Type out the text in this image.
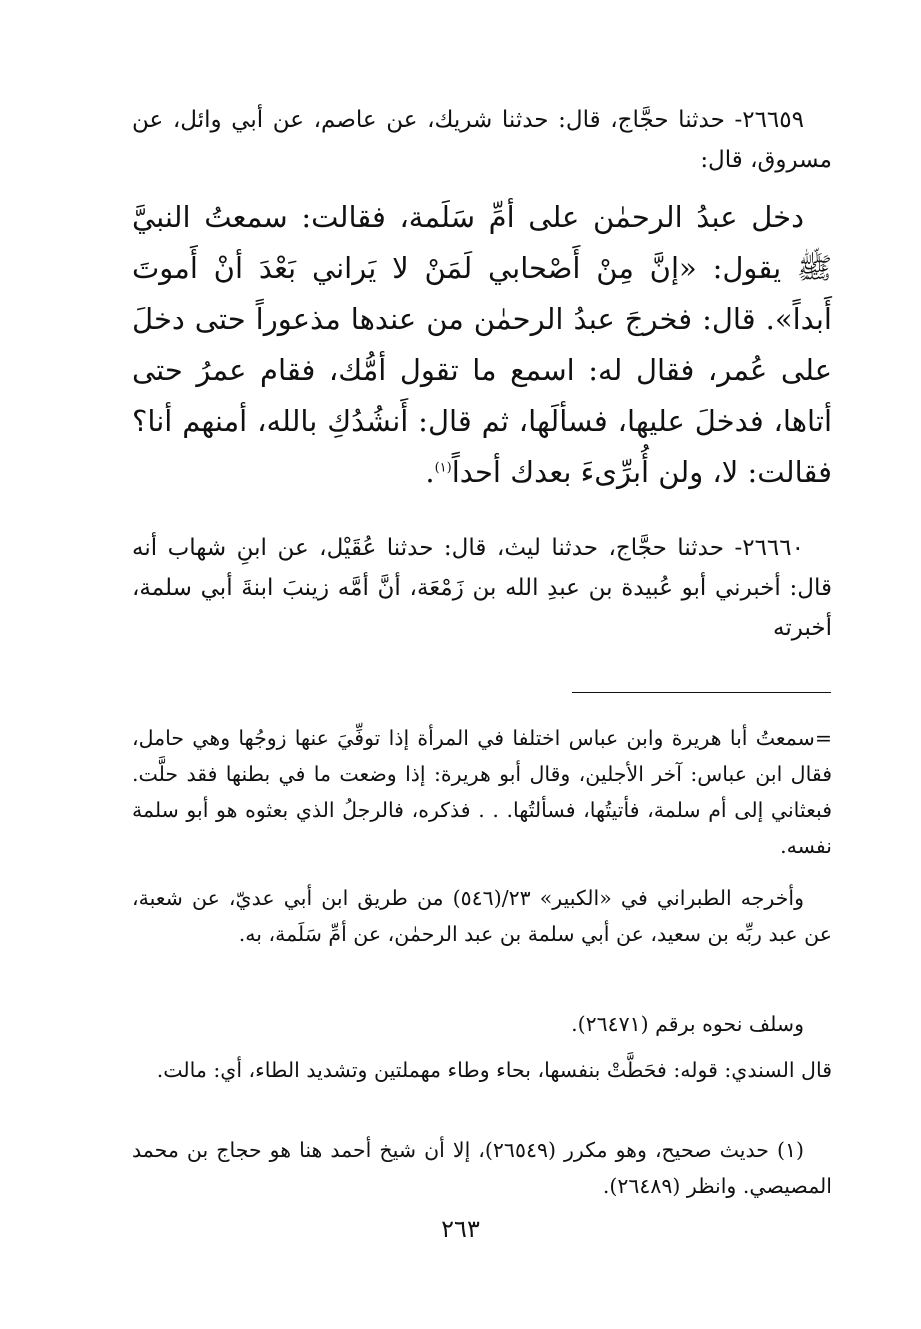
٢٦٦٥٩- حدثنا حجَّاج، قال: حدثنا شريك، عن عاصم، عن أبي وائل، عن مسروق، قال:

دخل عبدُ الرحمٰن على أمِّ سَلَمة، فقالت: سمعتُ النبيَّ ﷺ يقول: «إنَّ مِنْ أَصْحابي لَمَنْ لا يَراني بَعْدَ أنْ أَموتَ أَبداً». قال: فخرجَ عبدُ الرحمٰن من عندها مذعوراً حتى دخلَ على عُمر، فقال له: اسمع ما تقول أمُّك، فقام عمرُ حتى أتاها، فدخلَ عليها، فسألَها، ثم قال: أَنشُدُكِ بالله، أمنهم أنا؟ فقالت: لا، ولن أُبرِّىءَ بعدك أحداً$^{(١)}$.

٢٦٦٦٠- حدثنا حجَّاج، حدثنا ليث، قال: حدثنا عُقَيْل، عن ابنِ شهاب أنه قال: أخبرني أبو عُبيدة بن عبدِ الله بن زَمْعَة، أنَّ أمَّه زينبَ ابنةَ أبي سلمة، أخبرته

=سمعتُ أبا هريرة وابن عباس اختلفا في المرأة إذا توفِّيَ عنها زوجُها وهي حامل، فقال ابن عباس: آخر الأجلين، وقال أبو هريرة: إذا وضعت ما في بطنها فقد حلَّت. فبعثاني إلى أم سلمة، فأتيتُها، فسألتُها. . . فذكره، فالرجلُ الذي بعثوه هو أبو سلمة نفسه.

وأخرجه الطبراني في «الكبير» ٢٣/(٥٤٦) من طريق ابن أبي عديّ، عن شعبة، عن عبد ربِّه بن سعيد، عن أبي سلمة بن عبد الرحمٰن، عن أمِّ سَلَمة، به.

وسلف نحوه برقم (٢٦٤٧١).

قال السندي: قوله: فحَطَّتْ بنفسها، بحاء وطاء مهملتين وتشديد الطاء، أي: مالت.

(١) حديث صحيح، وهو مكرر (٢٦٥٤٩)، إلا أن شيخ أحمد هنا هو حجاج بن محمد المصيصي. وانظر (٢٦٤٨٩).

٢٦٣
